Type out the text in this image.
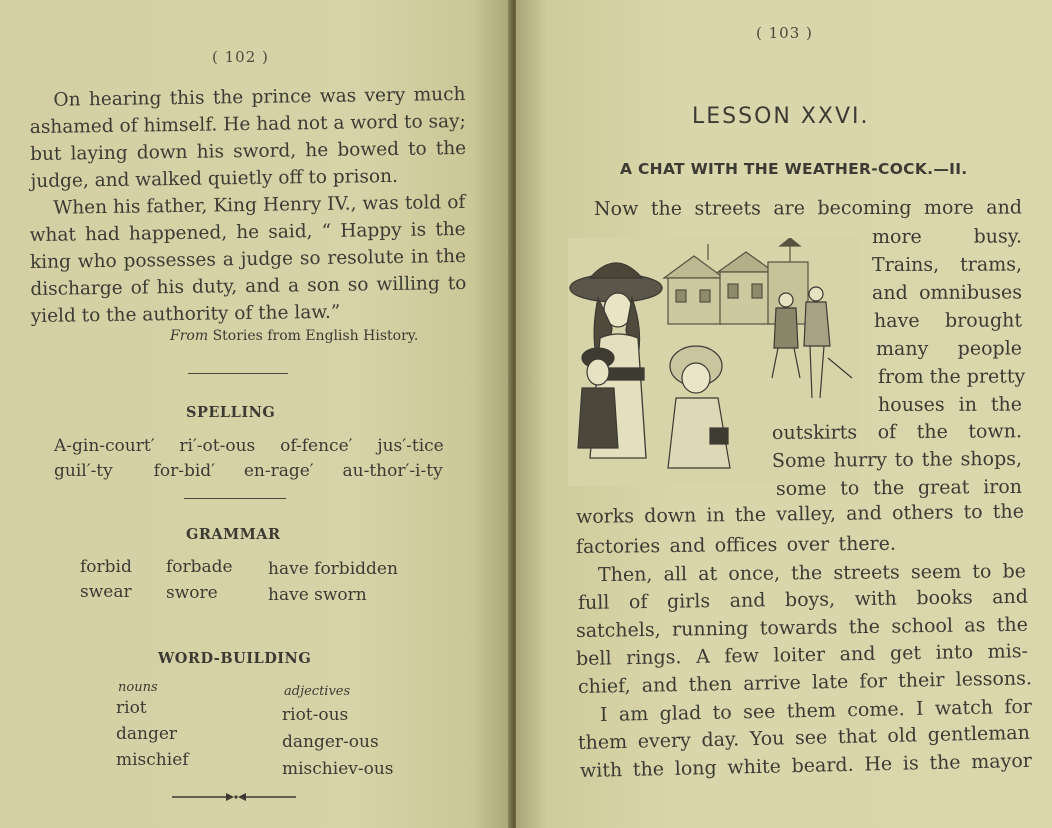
( 102 )

On hearing this the prince was very much ashamed of himself. He had not a word to say; but laying down his sword, he bowed to the judge, and walked quietly off to prison.

When his father, King Henry IV., was told of what had happened, he said, “ Happy is the king who possesses a judge so resolute in the discharge of his duty, and a son so willing to yield to the authority of the law.”

From Stories from English History.
SPELLING
A-gin-court′ ri′-ot-ous of-fence′ jus′-tice
guil′-ty for-bid′ en-rage′ au-thor′-i-ty
GRAMMAR
forbid forbade have forbidden
swear swore	have sworn
WORD-BUILDING
nouns	adjectives
riot
danger
mischief
riot-ous
danger-ous
mischiev-ous
( 103 )
LESSON XXVI.
A CHAT WITH THE WEATHER-COCK.—II.
Now the streets are becoming more and
more busy.
Trains, trams,
and omnibuses
have brought
many people
from the pretty
houses in the
outskirts of the town.
Some hurry to the shops,
some to the great iron
works down in the valley, and others to the
factories and offices over there.
Then, all at once, the streets seem to be
full of girls and boys, with books and
satchels, running towards the school as the
bell rings. A few loiter and get into mis-
chief, and then arrive late for their lessons.
I am glad to see them come. I watch for
them every day. You see that old gentleman
with the long white beard. He is the mayor
